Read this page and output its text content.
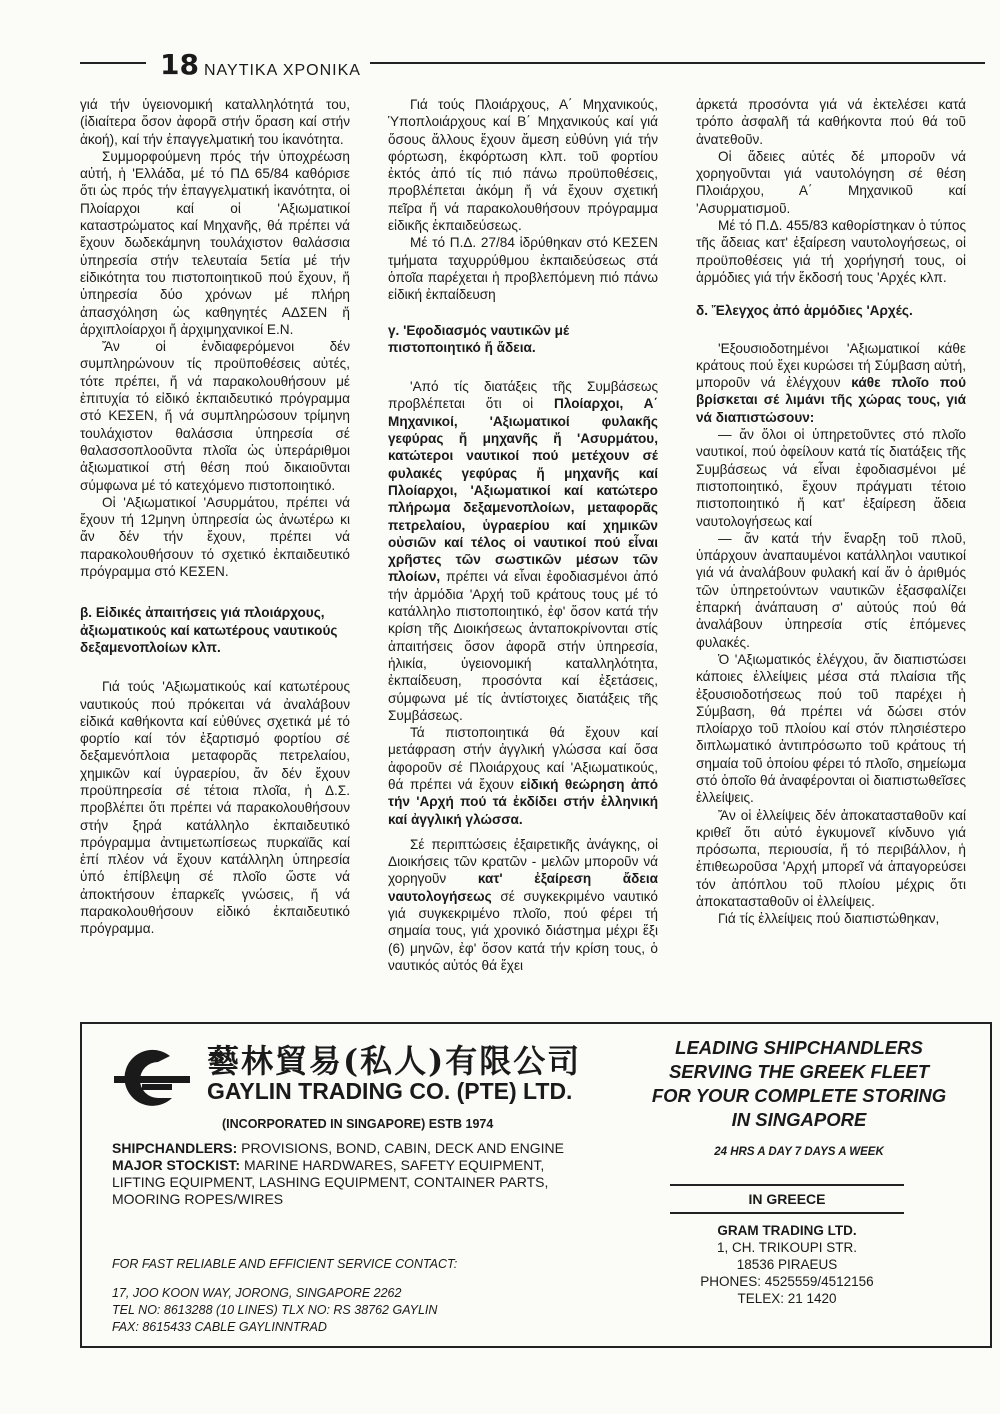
18 ΝΑΥΤΙΚΑ ΧΡΟΝΙΚΑ

γιά τήν ὑγειονομική καταλληλότητά του, (ἰδιαίτερα ὅσον ἀφορᾶ στήν ὅραση καί στήν ἀκοή), καί τήν ἐπαγγελματική του ἱκανότητα.

Συμμορφούμενη πρός τήν ὑποχρέωση αὐτή, ἡ 'Ελλάδα, μέ τό ΠΔ 65/84 καθόρισε ὅτι ὡς πρός τήν ἐπαγγελματική ἱκανότητα, οἱ Πλοίαρχοι καί οἱ 'Αξιωματικοί καταστρώματος καί Μηχανῆς, θά πρέπει νά ἔχουν δωδεκάμηνη τουλάχιστον θαλάσσια ὑπηρεσία στήν τελευταία 5ετία μέ τήν εἰδικότητα του πιστοποιητικοῦ πού ἔχουν, ἤ ὑπηρεσία δύο χρόνων μέ πλήρη ἀπασχόληση ὡς καθηγητές ΑΔΣΕΝ ἤ ἀρχιπλοίαρχοι ἤ ἀρχιμηχανικοί Ε.Ν.

Ἄν οἱ ἐνδιαφερόμενοι δέν συμπληρώνουν τίς προϋποθέσεις αὐτές, τότε πρέπει, ἤ νά παρακολουθήσουν μέ ἐπιτυχία τό εἰδικό ἐκπαιδευτικό πρόγραμμα στό ΚΕΣΕΝ, ἤ νά συμπληρώσουν τρίμηνη τουλάχιστον θαλάσσια ὑπηρεσία σέ θαλασσοπλοοῦντα πλοῖα ὡς ὑπεράριθμοι ἀξιωματικοί στή θέση πού δικαιοῦνται σύμφωνα μέ τό κατεχόμενο πιστοποιητικό.

Οἱ 'Αξιωματικοί 'Ασυρμάτου, πρέπει νά ἔχουν τή 12μηνη ὑπηρεσία ὡς ἀνωτέρω κι ἄν δέν τήν ἔχουν, πρέπει νά παρακολουθήσουν τό σχετικό ἐκπαιδευτικό πρόγραμμα στό ΚΕΣΕΝ.

β. Εἰδικές ἀπαιτήσεις γιά πλοιάρχους, ἀξιωματικούς καί κατωτέρους ναυτικούς δεξαμενοπλοίων κλπ.

Γιά τούς 'Αξιωματικούς καί κατωτέρους ναυτικούς πού πρόκειται νά ἀναλάβουν εἰδικά καθήκοντα καί εὐθύνες σχετικά μέ τό φορτίο καί τόν ἐξαρτισμό φορτίου σέ δεξαμενόπλοια μεταφορᾶς πετρελαίου, χημικῶν καί ὑγραερίου, ἄν δέν ἔχουν προϋπηρεσία σέ τέτοια πλοῖα, ἡ Δ.Σ. προβλέπει ὅτι πρέπει νά παρακολουθήσουν στήν ξηρά κατάλληλο ἐκπαιδευτικό πρόγραμμα ἀντιμετωπίσεως πυρκαϊᾶς καί ἐπί πλέον νά ἔχουν κατάλληλη ὑπηρεσία ὑπό ἐπίβλεψη σέ πλοῖο ὥστε νά ἀποκτήσουν ἐπαρκεῖς γνώσεις, ἤ νά παρακολουθήσουν εἰδικό ἐκπαιδευτικό πρόγραμμα.

Γιά τούς Πλοιάρχους, Α΄ Μηχανικούς, Ὑποπλοιάρχους καί Β΄ Μηχανικούς καί γιά ὅσους ἄλλους ἔχουν ἄμεση εὐθύνη γιά τήν φόρτωση, ἐκφόρτωση κλπ. τοῦ φορτίου ἐκτός ἀπό τίς πιό πάνω προϋποθέσεις, προβλέπεται ἀκόμη ἤ νά ἔχουν σχετική πεῖρα ἤ νά παρακολουθήσουν πρόγραμμα εἰδικῆς ἐκπαιδεύσεως.

Μέ τό Π.Δ. 27/84 ἱδρύθηκαν στό ΚΕΣΕΝ τμήματα ταχυρρύθμου ἐκπαιδεύσεως στά ὁποῖα παρέχεται ἡ προβλεπόμενη πιό πάνω εἰδική ἐκπαίδευση

γ. 'Εφοδιασμός ναυτικῶν μέ πιστοποιητικό ἤ ἄδεια.

'Από τίς διατάξεις τῆς Συμβάσεως προβλέπεται ὅτι οἱ Πλοίαρχοι, Α΄ Μηχανικοί, 'Αξιωματικοί φυλακῆς γεφύρας ἤ μηχανῆς ἤ 'Ασυρμάτου, κατώτεροι ναυτικοί πού μετέχουν σέ φυλακές γεφύρας ἤ μηχανῆς καί Πλοίαρχοι, 'Αξιωματικοί καί κατώτερο πλήρωμα δεξαμενοπλοίων, μεταφορᾶς πετρελαίου, ὑγραερίου καί χημικῶν οὐσιῶν καί τέλος οἱ ναυτικοί πού εἶναι χρῆστες τῶν σωστικῶν μέσων τῶν πλοίων, πρέπει νά εἶναι ἐφοδιασμένοι ἀπό τήν ἁρμόδια 'Αρχή τοῦ κράτους τους μέ τό κατάλληλο πιστοποιητικό, ἐφ' ὅσον κατά τήν κρίση τῆς Διοικήσεως ἀνταποκρίνονται στίς ἀπαιτήσεις ὅσον ἀφορᾶ στήν ὑπηρεσία, ἡλικία, ὑγειονομική καταλληλότητα, ἐκπαίδευση, προσόντα καί ἐξετάσεις, σύμφωνα μέ τίς ἀντίστοιχες διατάξεις τῆς Συμβάσεως.

Τά πιστοποιητικά θά ἔχουν καί μετάφραση στήν ἀγγλική γλώσσα καί ὅσα ἀφοροῦν σέ Πλοιάρχους καί 'Αξιωματικούς, θά πρέπει νά ἔχουν εἰδική θεώρηση ἀπό τήν 'Αρχή πού τά ἐκδίδει στήν ἑλληνική καί ἀγγλική γλώσσα.

Σέ περιπτώσεις ἐξαιρετικῆς ἀνάγκης, οἱ Διοικήσεις τῶν κρατῶν - μελῶν μποροῦν νά χορηγοῦν κατ' ἐξαίρεση ἄδεια ναυτολογήσεως σέ συγκεκριμένο ναυτικό γιά συγκεκριμένο πλοῖο, πού φέρει τή σημαία τους, γιά χρονικό διάστημα μέχρι ἕξι (6) μηνῶν, ἐφ' ὅσον κατά τήν κρίση τους, ὁ ναυτικός αὐτός θά ἔχει

ἀρκετά προσόντα γιά νά ἐκτελέσει κατά τρόπο ἀσφαλῆ τά καθήκοντα πού θά τοῦ ἀνατεθοῦν.

Οἱ ἄδειες αὐτές δέ μποροῦν νά χορηγοῦνται γιά ναυτολόγηση σέ θέση Πλοιάρχου, Α΄ Μηχανικοῦ καί 'Ασυρματισμοῦ.

Μέ τό Π.Δ. 455/83 καθορίστηκαν ὁ τύπος τῆς ἄδειας κατ' ἐξαίρεση ναυτολογήσεως, οἱ προϋποθέσεις γιά τή χορήγησή τους, οἱ ἁρμόδιες γιά τήν ἔκδοσή τους 'Αρχές κλπ.

δ. Ἔλεγχος ἀπό ἁρμόδιες 'Αρχές.

'Εξουσιοδοτημένοι 'Αξιωματικοί κάθε κράτους πού ἔχει κυρώσει τή Σύμβαση αὐτή, μποροῦν νά ἐλέγχουν κάθε πλοῖο πού βρίσκεται σέ λιμάνι τῆς χώρας τους, γιά νά διαπιστώσουν:

— ἄν ὅλοι οἱ ὑπηρετοῦντες στό πλοῖο ναυτικοί, πού ὀφείλουν κατά τίς διατάξεις τῆς Συμβάσεως νά εἶναι ἐφοδιασμένοι μέ πιστοποιητικό, ἔχουν πράγματι τέτοιο πιστοποιητικό ἤ κατ' ἐξαίρεση ἄδεια ναυτολογήσεως καί

— ἄν κατά τήν ἔναρξη τοῦ πλοῦ, ὑπάρχουν ἀναπαυμένοι κατάλληλοι ναυτικοί γιά νά ἀναλάβουν φυλακή καί ἄν ὁ ἀριθμός τῶν ὑπηρετούντων ναυτικῶν ἐξασφαλίζει ἐπαρκή ἀνάπαυση σ' αὐτούς πού θά ἀναλάβουν ὑπηρεσία στίς ἑπόμενες φυλακές.

Ὁ 'Αξιωματικός ἐλέγχου, ἄν διαπιστώσει κάποιες ἐλλείψεις μέσα στά πλαίσια τῆς ἐξουσιοδοτήσεως πού τοῦ παρέχει ἡ Σύμβαση, θά πρέπει νά δώσει στόν πλοίαρχο τοῦ πλοίου καί στόν πλησιέστερο διπλωματικό ἀντιπρόσωπο τοῦ κράτους τή σημαία τοῦ ὁποίου φέρει τό πλοῖο, σημείωμα στό ὁποῖο θά ἀναφέρονται οἱ διαπιστωθεῖσες ἐλλείψεις.

Ἄν οἱ ἐλλείψεις δέν ἀποκατασταθοῦν καί κριθεῖ ὅτι αὐτό ἐγκυμονεῖ κίνδυνο γιά πρόσωπα, περιουσία, ἤ τό περιβάλλον, ἡ ἐπιθεωροῦσα 'Αρχή μπορεῖ νά ἀπαγορεύσει τόν ἀπόπλου τοῦ πλοίου μέχρις ὅτι ἀποκατασταθοῦν οἱ ἐλλείψεις.

Γιά τίς ἐλλείψεις πού διαπιστώθηκαν,

藝林貿易(私人)有限公司
GAYLIN TRADING CO. (PTE) LTD.
(INCORPORATED IN SINGAPORE) ESTB 1974
SHIPCHANDLERS: PROVISIONS, BOND, CABIN, DECK AND ENGINE
MAJOR STOCKIST: MARINE HARDWARES, SAFETY EQUIPMENT,
LIFTING EQUIPMENT, LASHING EQUIPMENT, CONTAINER PARTS, MOORING ROPES/WIRES
FOR FAST RELIABLE AND EFFICIENT SERVICE CONTACT:
17, JOO KOON WAY, JORONG, SINGAPORE 2262
TEL NO: 8613288 (10 LINES) TLX NO: RS 38762 GAYLIN
FAX: 8615433 CABLE GAYLINNTRAD
LEADING SHIPCHANDLERS
SERVING THE GREEK FLEET
FOR YOUR COMPLETE STORING
IN SINGAPORE
24 HRS A DAY 7 DAYS A WEEK
IN GREECE
GRAM TRADING LTD.
1, CH. TRIKOUPI STR.
18536 PIRAEUS
PHONES: 4525559/4512156
TELEX: 21 1420
